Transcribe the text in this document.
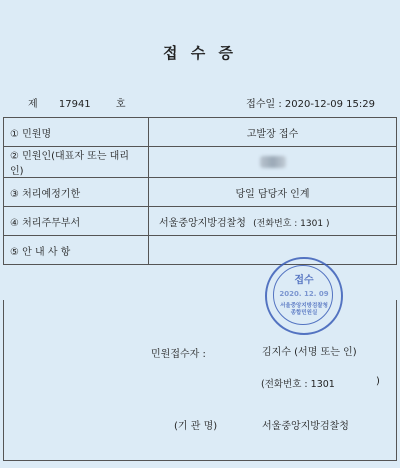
접 수 증
제 17941	호	접수일 : 2020-12-09 15:29
① 민원명	고발장 접수
② 민원인(대표자 또는 대리인)	
③ 처리예정기한	당일 담당자 인계
④ 처리주무부서	서울중앙지방검찰청 (전화번호 : 1301 )
⑤ 안 내 사 항	
민원접수자 :	김지수 (서명 또는 인)
(전화번호 : 1301	)
(기 관 명)	서울중앙지방검찰청
접수
2020. 12. 09
서울중앙지방검찰청 종합민원실
